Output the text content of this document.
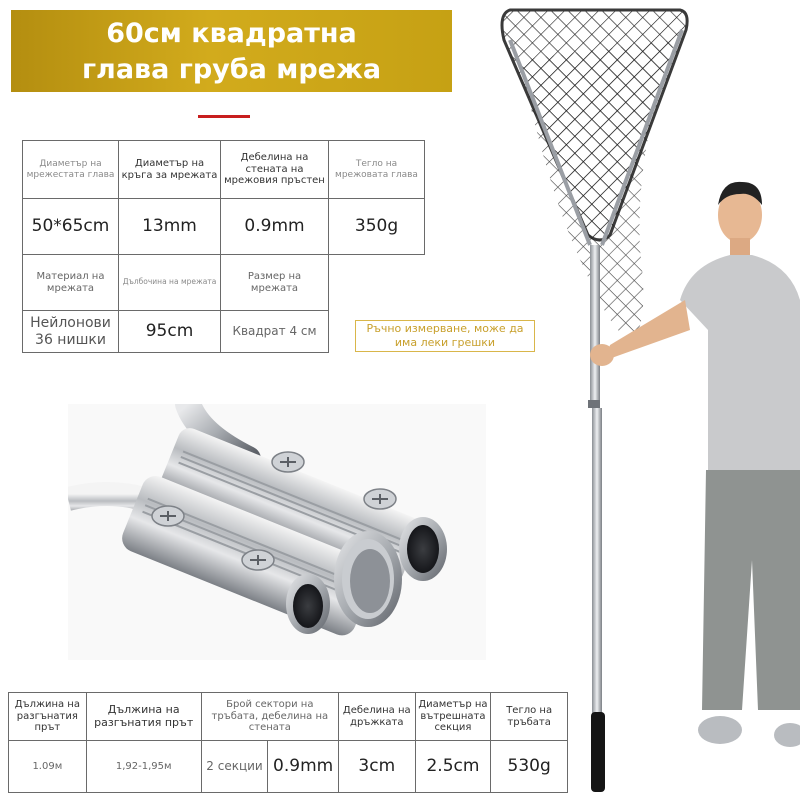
60см квадратна
глава груба мрежа
Диаметър на мрежестата глава	Диаметър на кръга за мрежата	Дебелина на стената на мрежовия пръстен	Тегло на мрежовата глава
50*65cm	13mm	0.9mm	350g
Материал на мрежата	Дълбочина на мрежата	Размер на мрежата	
Нейлонови 36 нишки	95cm	Квадрат 4 см		Ръчно измерване, може да има леки грешки
Дължина на разгънатия прът	Дължина на разгънатия прът	Брой сектори на тръбата, дебелина на стената		Дебелина на дръжката	Диаметър на вътрешната секция	Тегло на тръбата
1.09м	1,92-1,95м	2 секции	0.9mm	3cm	2.5cm	530g
